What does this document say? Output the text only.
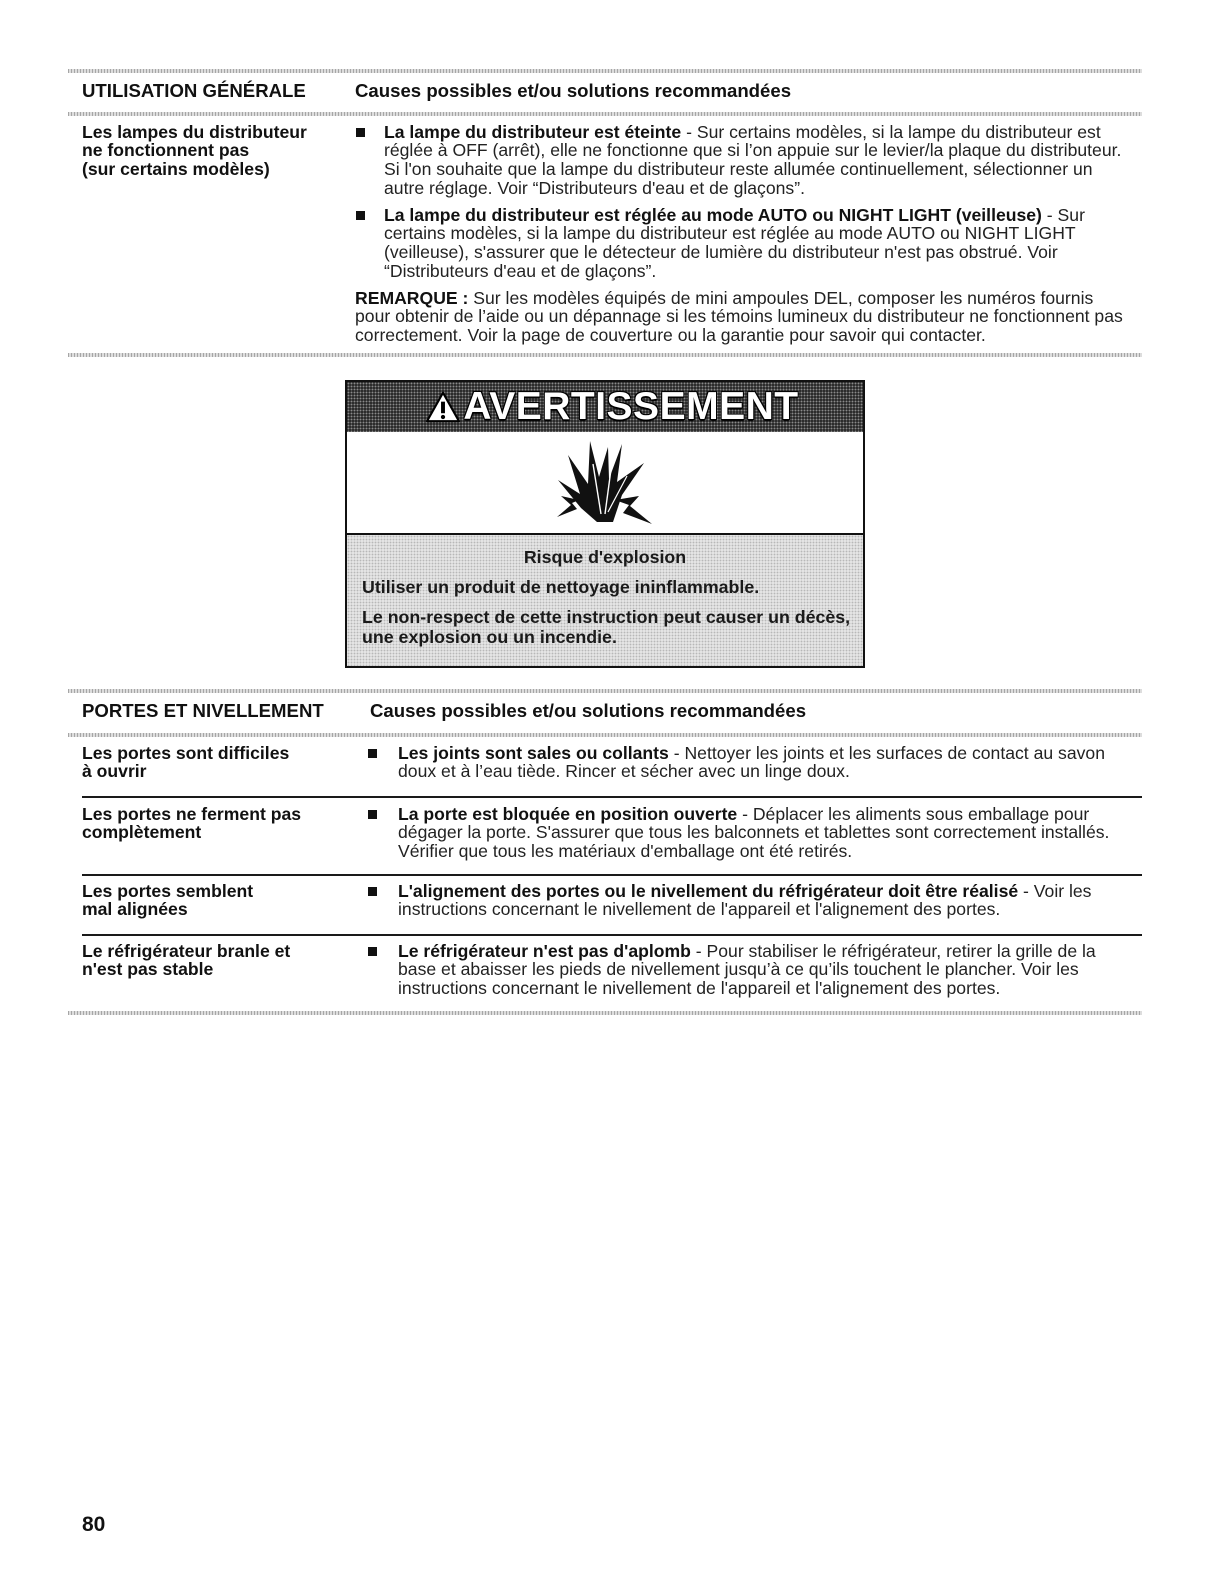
UTILISATION GÉNÉRALE	Causes possibles et/ou solutions recommandées
Les lampes du distributeur
ne fonctionnent pas
(sur certains modèles)
La lampe du distributeur est éteinte - Sur certains modèles, si la lampe du distributeur est
réglée à OFF (arrêt), elle ne fonctionne que si l’on appuie sur le levier/la plaque du distributeur.
Si l'on souhaite que la lampe du distributeur reste allumée continuellement, sélectionner un
autre réglage. Voir “Distributeurs d'eau et de glaçons”.
La lampe du distributeur est réglée au mode AUTO ou NIGHT LIGHT (veilleuse) - Sur
certains modèles, si la lampe du distributeur est réglée au mode AUTO ou NIGHT LIGHT
(veilleuse), s'assurer que le détecteur de lumière du distributeur n'est pas obstrué. Voir
“Distributeurs d'eau et de glaçons”.
REMARQUE : Sur les modèles équipés de mini ampoules DEL, composer les numéros fournis
pour obtenir de l’aide ou un dépannage si les témoins lumineux du distributeur ne fonctionnent pas
correctement. Voir la page de couverture ou la garantie pour savoir qui contacter.
AVERTISSEMENT
Risque d'explosion
Utiliser un produit de nettoyage ininflammable.
Le non-respect de cette instruction peut causer un décès,
une explosion ou un incendie.
PORTES ET NIVELLEMENT Causes possibles et/ou solutions recommandées
Les portes sont difficiles
à ouvrir
Les joints sont sales ou collants - Nettoyer les joints et les surfaces de contact au savon
doux et à l’eau tiède. Rincer et sécher avec un linge doux.
Les portes ne ferment pas
complètement
La porte est bloquée en position ouverte - Déplacer les aliments sous emballage pour
dégager la porte. S'assurer que tous les balconnets et tablettes sont correctement installés.
Vérifier que tous les matériaux d'emballage ont été retirés.
Les portes semblent
mal alignées
L'alignement des portes ou le nivellement du réfrigérateur doit être réalisé - Voir les
instructions concernant le nivellement de l'appareil et l'alignement des portes.
Le réfrigérateur branle et
n'est pas stable
Le réfrigérateur n'est pas d'aplomb - Pour stabiliser le réfrigérateur, retirer la grille de la
base et abaisser les pieds de nivellement jusqu’à ce qu’ils touchent le plancher. Voir les
instructions concernant le nivellement de l'appareil et l'alignement des portes.
80
